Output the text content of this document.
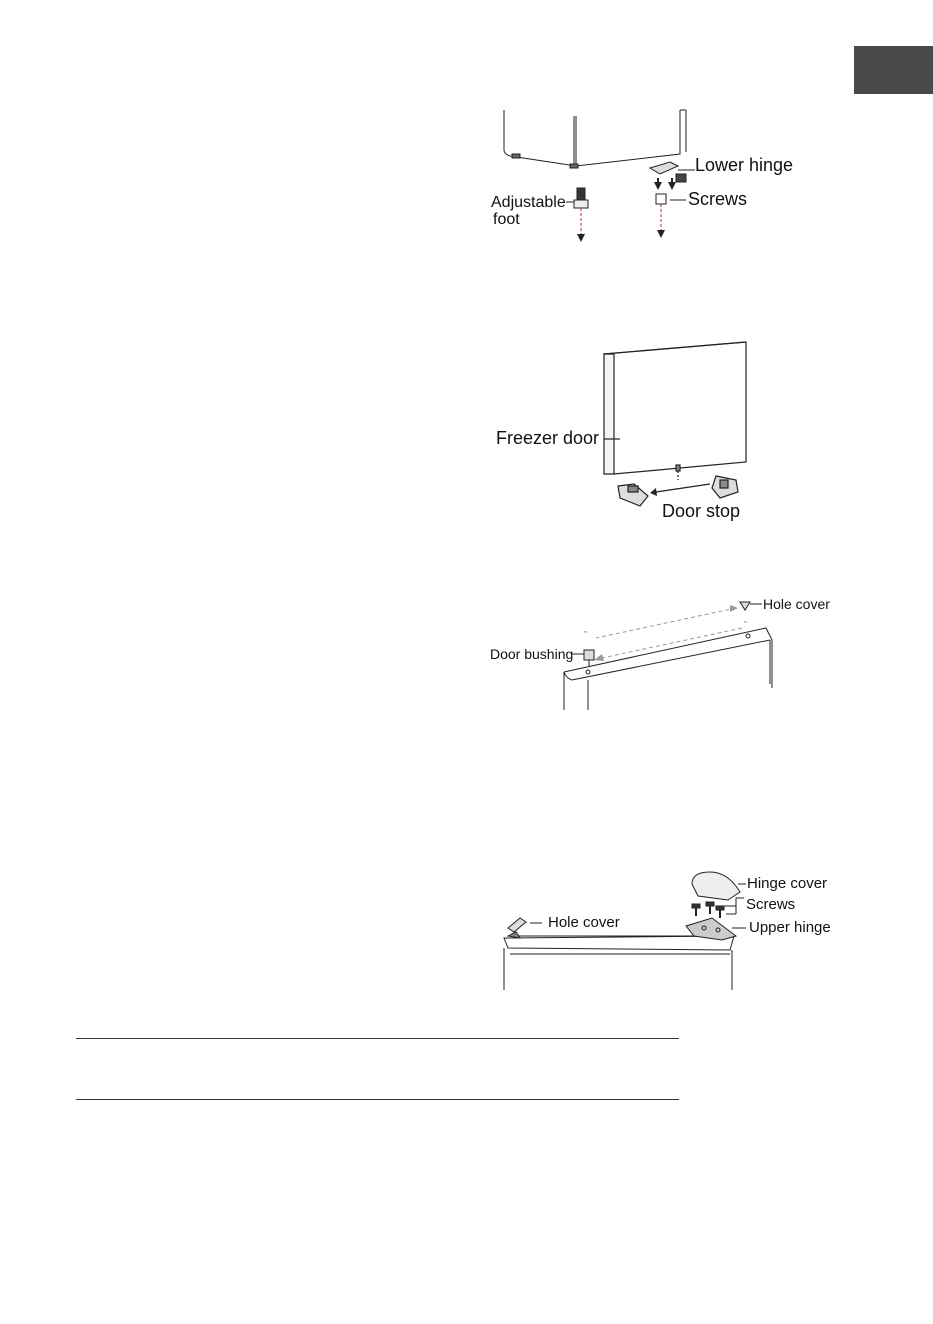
Lower hinge
Screws
Adjustable
foot
Freezer door
Door stop
''
''
Hole cover
Door bushing
Hinge cover
Screws
Upper hinge
Hole cover
